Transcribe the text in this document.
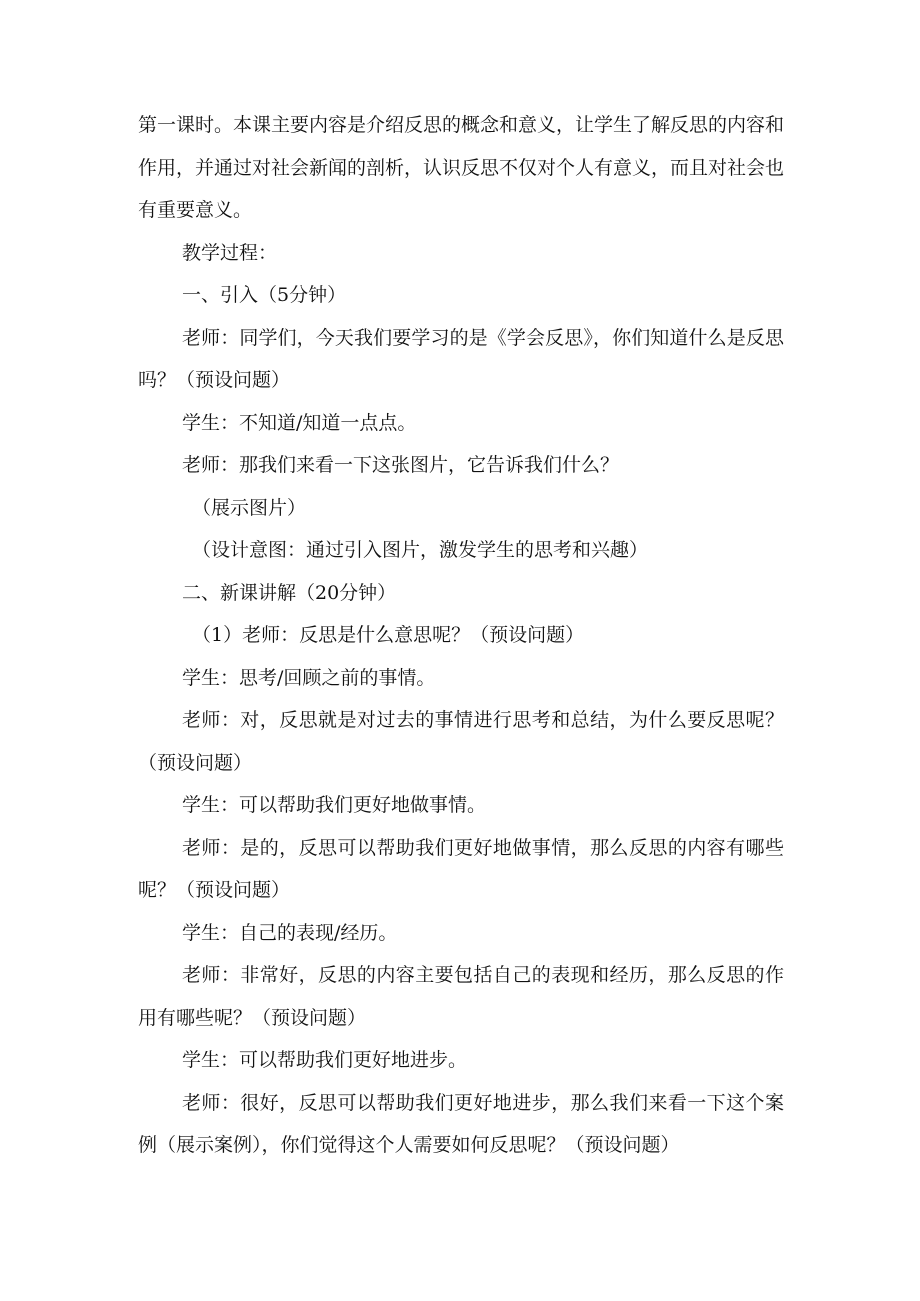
第一课时。本课主要内容是介绍反思的概念和意义，让学生了解反思的内容和作用，并通过对社会新闻的剖析，认识反思不仅对个人有意义，而且对社会也有重要意义。

教学过程：

一、引入（5分钟）

老师：同学们，今天我们要学习的是《学会反思》，你们知道什么是反思吗？（预设问题）

学生：不知道/知道一点点。

老师：那我们来看一下这张图片，它告诉我们什么？

（展示图片）

（设计意图：通过引入图片，激发学生的思考和兴趣）

二、新课讲解（20分钟）

（1）老师：反思是什么意思呢？（预设问题）

学生：思考/回顾之前的事情。

老师：对，反思就是对过去的事情进行思考和总结，为什么要反思呢？（预设问题）

学生：可以帮助我们更好地做事情。

老师：是的，反思可以帮助我们更好地做事情，那么反思的内容有哪些呢？（预设问题）

学生：自己的表现/经历。

老师：非常好，反思的内容主要包括自己的表现和经历，那么反思的作用有哪些呢？（预设问题）

学生：可以帮助我们更好地进步。

老师：很好，反思可以帮助我们更好地进步，那么我们来看一下这个案例（展示案例），你们觉得这个人需要如何反思呢？（预设问题）
